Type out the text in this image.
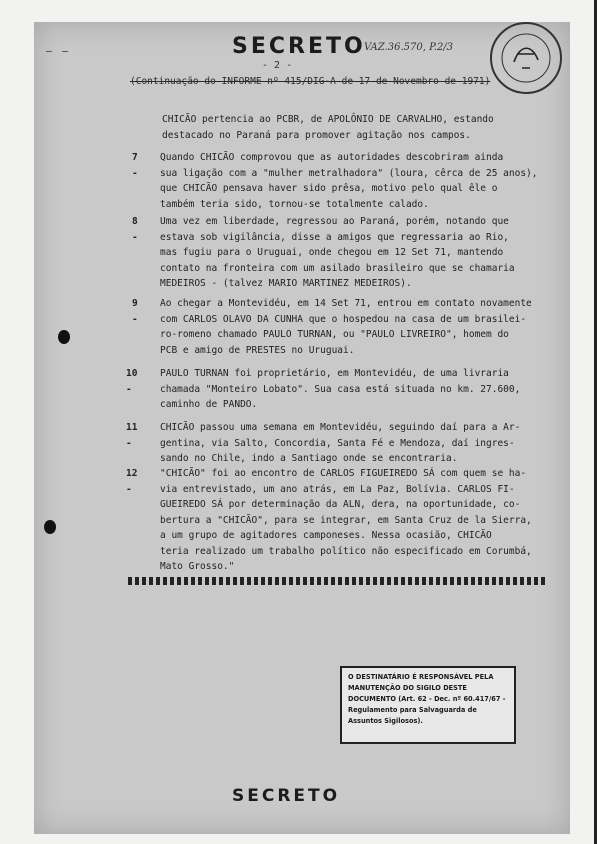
— —	SECRETO
VAZ.36.570, P.2/3
- 2 -
(Continuação do INFORME nº 415/DIG-A de 17 de Novembro de 1971)
CHICÃO pertencia ao PCBR, de APOLÔNIO DE CARVALHO, estando
destacado no Paraná para promover agitação nos campos.
7 -
Quando CHICÃO comprovou que as autoridades descobriram ainda
sua ligação com a "mulher metralhadora" (loura, cêrca de 25 anos),
que CHICÃO pensava haver sido prêsa, motivo pelo qual êle o
também teria sido, tornou-se totalmente calado.
8 -
Uma vez em liberdade, regressou ao Paraná, porém, notando que
estava sob vigilância, disse a amigos que regressaria ao Rio,
mas fugiu para o Uruguai, onde chegou em 12 Set 71, mantendo
contato na fronteira com um asilado brasileiro que se chamaria
MEDEIROS - (talvez MARIO MARTINEZ MEDEIROS).
9 -
Ao chegar a Montevidéu, em 14 Set 71, entrou em contato novamente
com CARLOS OLAVO DA CUNHA que o hospedou na casa de um brasilei-
ro-romeno chamado PAULO TURNAN, ou "PAULO LIVREIRO", homem do
PCB e amigo de PRESTES no Uruguai.
10 -
PAULO TURNAN foi proprietário, em Montevidéu, de uma livraria
chamada "Monteiro Lobato". Sua casa está situada no km. 27.600,
caminho de PANDO.
11 -
CHICÃO passou uma semana em Montevidéu, seguindo daí para a Ar-
gentina, via Salto, Concordia, Santa Fé e Mendoza, daí ingres-
sando no Chile, indo a Santiago onde se encontraria.
12 -
"CHICÃO" foi ao encontro de CARLOS FIGUEIREDO SÁ com quem se ha-
via entrevistado, um ano atrás, em La Paz, Bolívia. CARLOS FI-
GUEIREDO SÁ por determinação da ALN, dera, na oportunidade, co-
bertura a "CHICÃO", para se integrar, em Santa Cruz de la Sierra,
a um grupo de agitadores camponeses. Nessa ocasião, CHICÃO
teria realizado um trabalho político não especificado em Corumbá,
Mato Grosso."
O DESTINATÁRIO É RESPONSÁVEL PELA MANUTENÇÃO DO SIGILO DESTE DOCUMENTO (Art. 62 - Dec. nº 60.417/67 - Regulamento para Salvaguarda de Assuntos Sigilosos).
SECRETO
